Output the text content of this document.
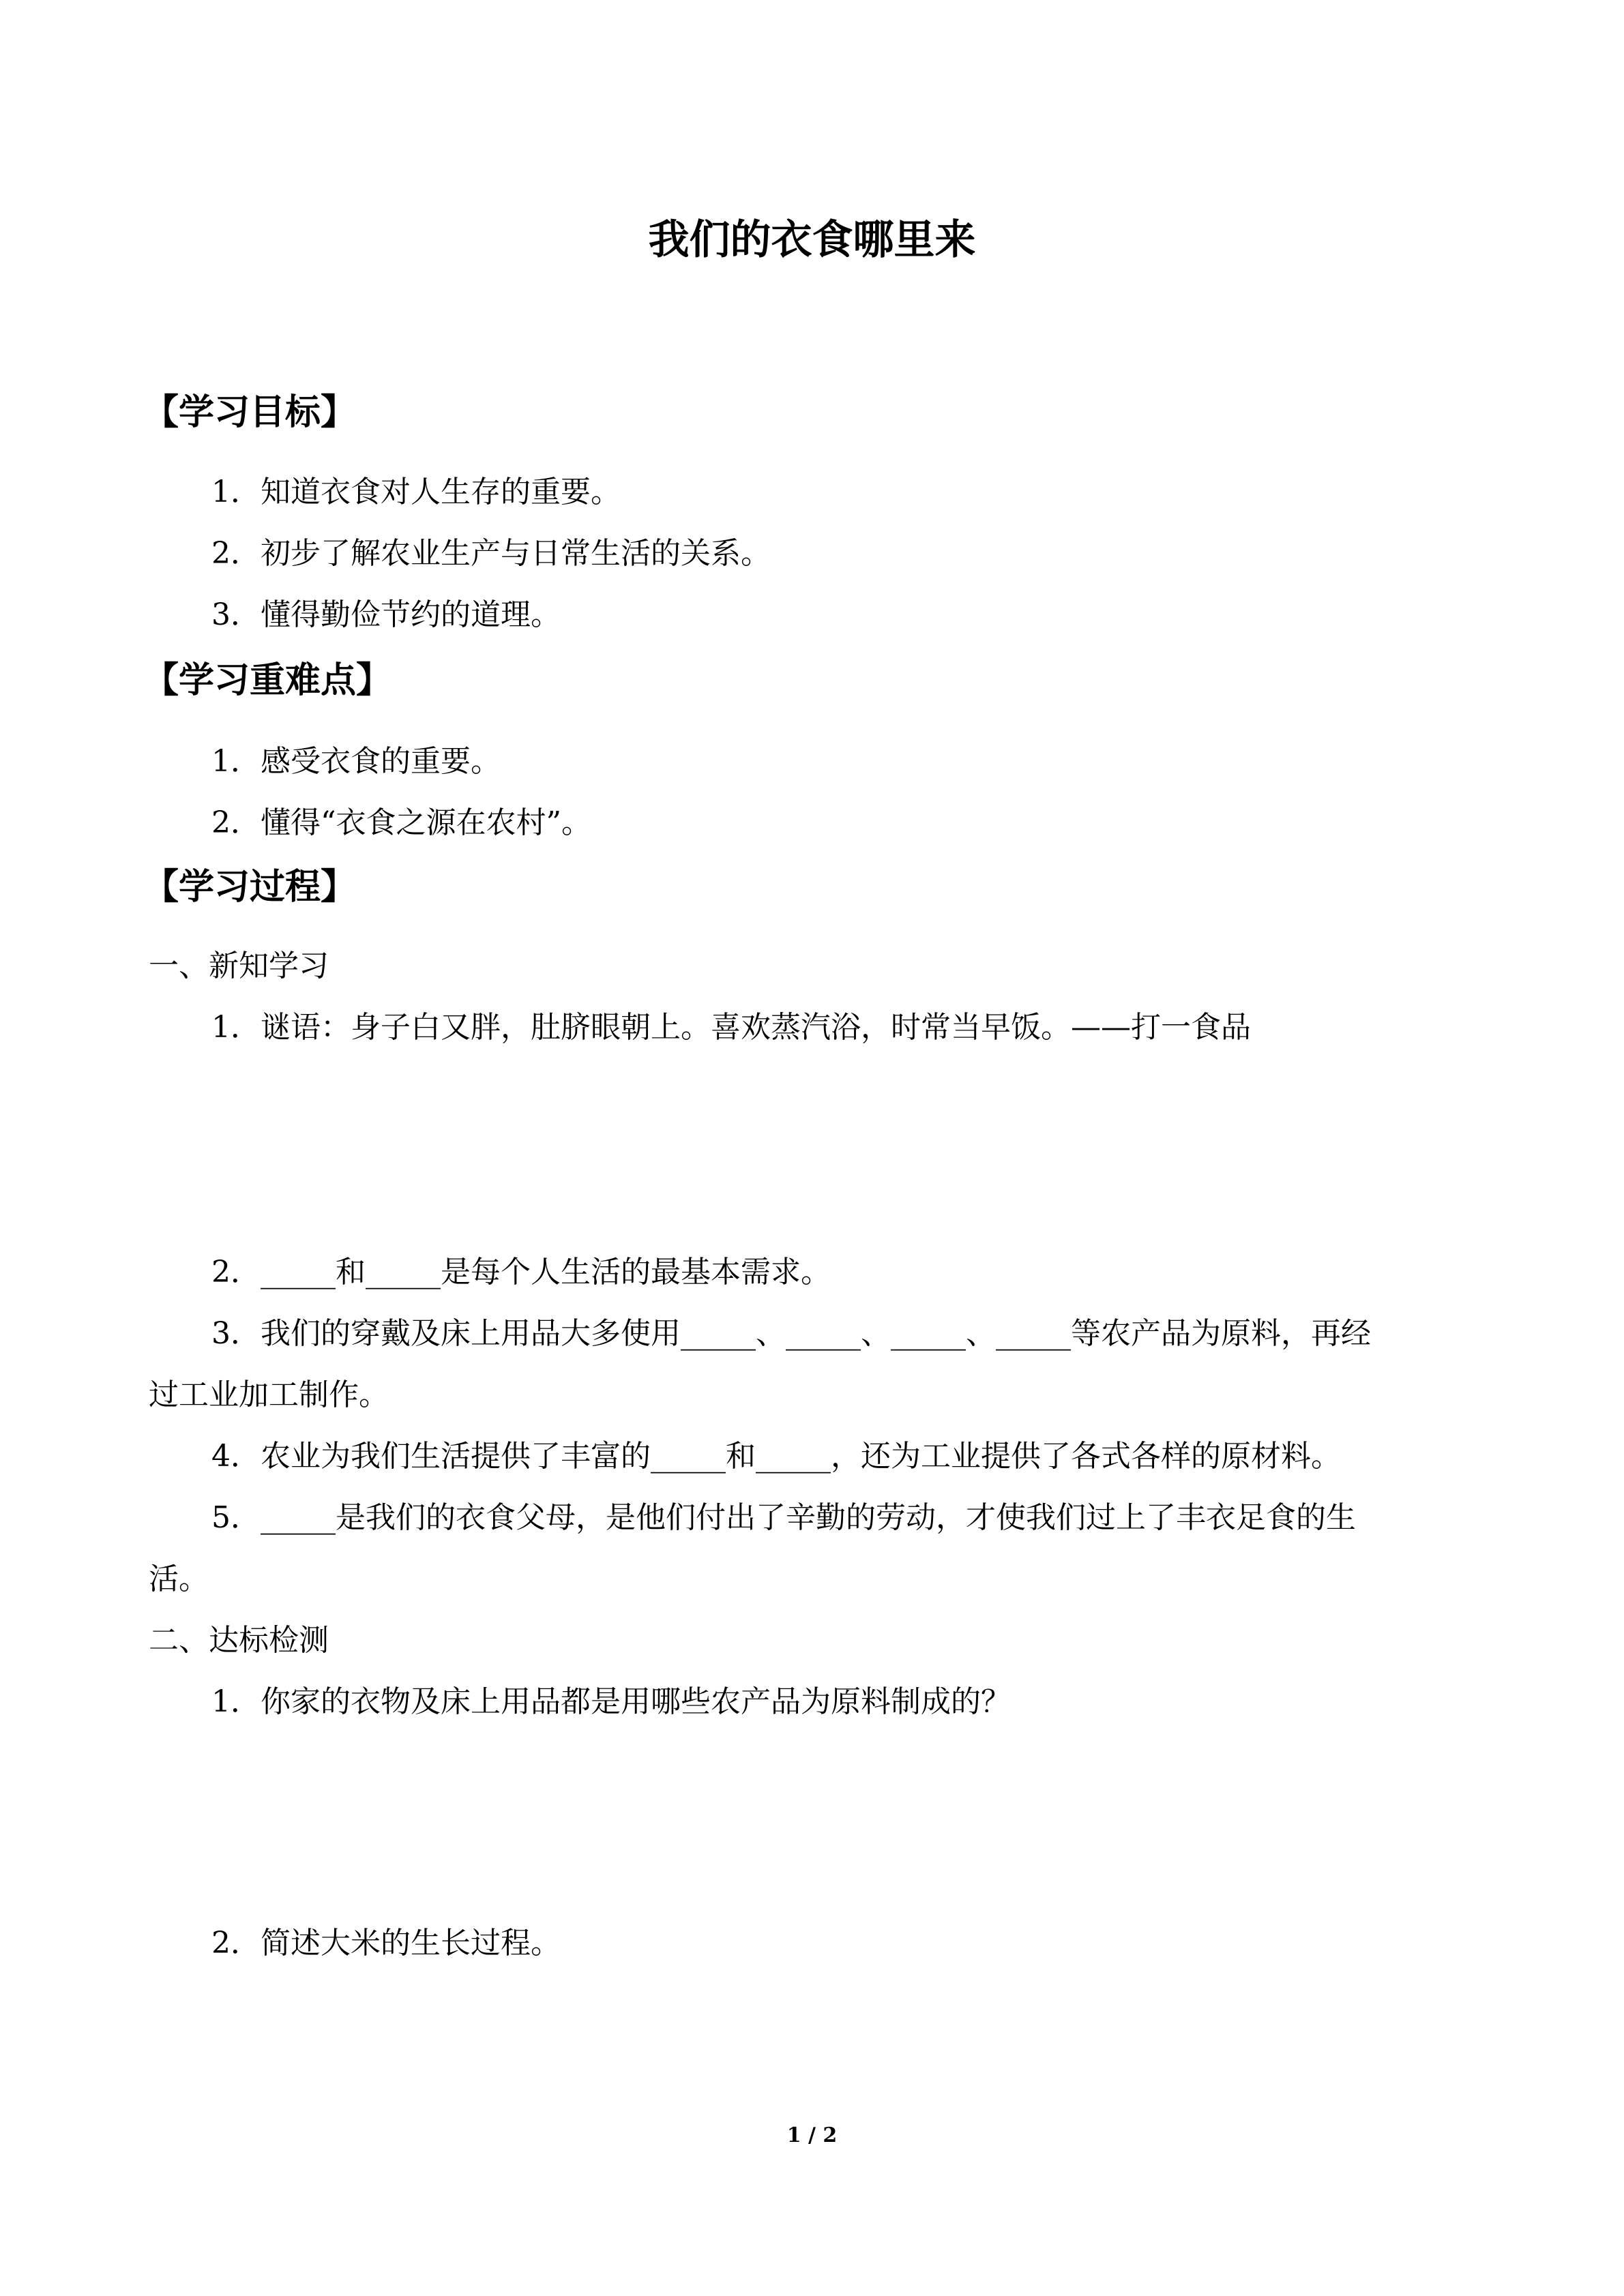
我们的衣食哪里来
【学习目标】
1．知道衣食对人生存的重要。
2．初步了解农业生产与日常生活的关系。
3．懂得勤俭节约的道理。
【学习重难点】
1．感受衣食的重要。
2．懂得“衣食之源在农村”。
【学习过程】
一、新知学习
1．谜语：身子白又胖，肚脐眼朝上。喜欢蒸汽浴，时常当早饭。——打一食品
2．_____和_____是每个人生活的最基本需求。
3．我们的穿戴及床上用品大多使用_____、_____、_____、_____等农产品为原料，再经
过工业加工制作。
4．农业为我们生活提供了丰富的_____和_____，还为工业提供了各式各样的原材料。
5．_____是我们的衣食父母，是他们付出了辛勤的劳动，才使我们过上了丰衣足食的生
活。
二、达标检测
1．你家的衣物及床上用品都是用哪些农产品为原料制成的？
2．简述大米的生长过程。
1 / 2
